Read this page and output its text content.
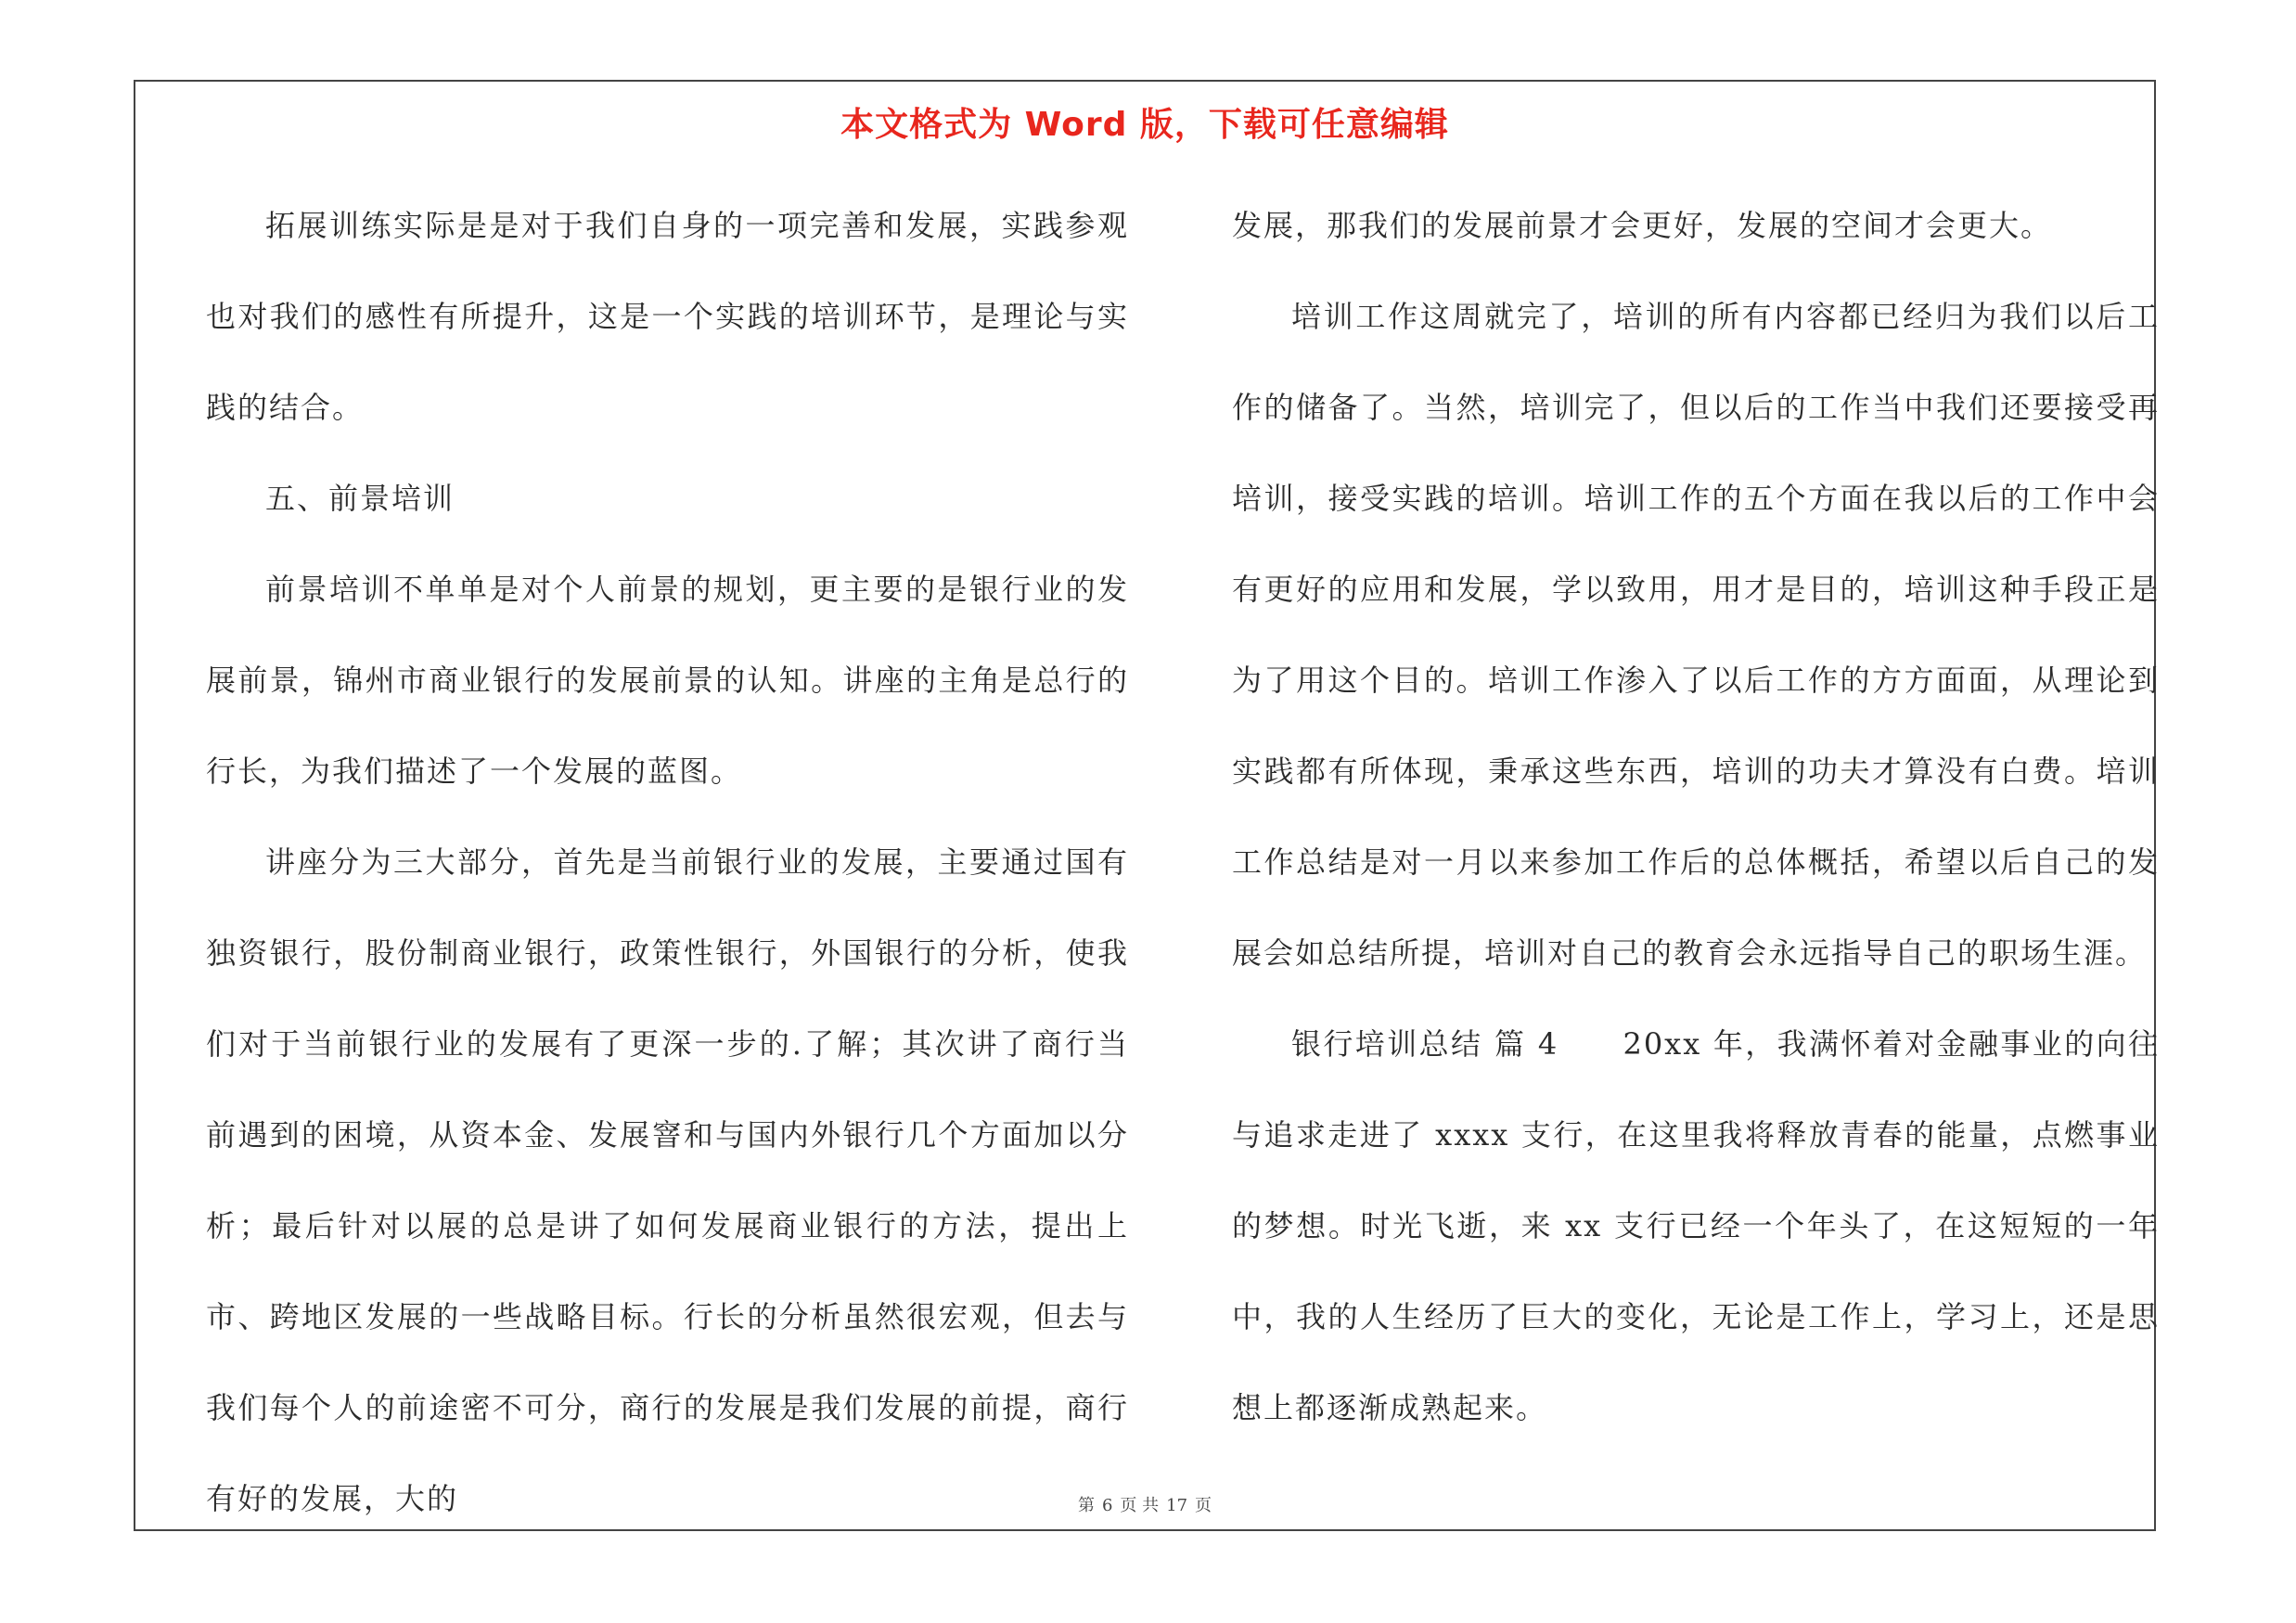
本文格式为 Word 版，下载可任意编辑

拓展训练实际是是对于我们自身的一项完善和发展，实践参观也对我们的感性有所提升，这是一个实践的培训环节，是理论与实践的结合。

五、前景培训

前景培训不单单是对个人前景的规划，更主要的是银行业的发展前景，锦州市商业银行的发展前景的认知。讲座的主角是总行的行长，为我们描述了一个发展的蓝图。

讲座分为三大部分，首先是当前银行业的发展，主要通过国有独资银行，股份制商业银行，政策性银行，外国银行的分析，使我们对于当前银行业的发展有了更深一步的.了解；其次讲了商行当前遇到的困境，从资本金、发展窨和与国内外银行几个方面加以分析；最后针对以展的总是讲了如何发展商业银行的方法，提出上市、跨地区发展的一些战略目标。行长的分析虽然很宏观，但去与我们每个人的前途密不可分，商行的发展是我们发展的前提，商行有好的发展，大的

发展，那我们的发展前景才会更好，发展的空间才会更大。

培训工作这周就完了，培训的所有内容都已经归为我们以后工作的储备了。当然，培训完了，但以后的工作当中我们还要接受再培训，接受实践的培训。培训工作的五个方面在我以后的工作中会有更好的应用和发展，学以致用，用才是目的，培训这种手段正是为了用这个目的。培训工作渗入了以后工作的方方面面，从理论到实践都有所体现，秉承这些东西，培训的功夫才算没有白费。培训工作总结是对一月以来参加工作后的总体概括，希望以后自己的发展会如总结所提，培训对自己的教育会永远指导自己的职场生涯。

银行培训总结 篇 4　　20xx 年，我满怀着对金融事业的向往与追求走进了 xxxx 支行，在这里我将释放青春的能量，点燃事业的梦想。时光飞逝，来 xx 支行已经一个年头了，在这短短的一年中，我的人生经历了巨大的变化，无论是工作上，学习上，还是思想上都逐渐成熟起来。

第 6 页 共 17 页
